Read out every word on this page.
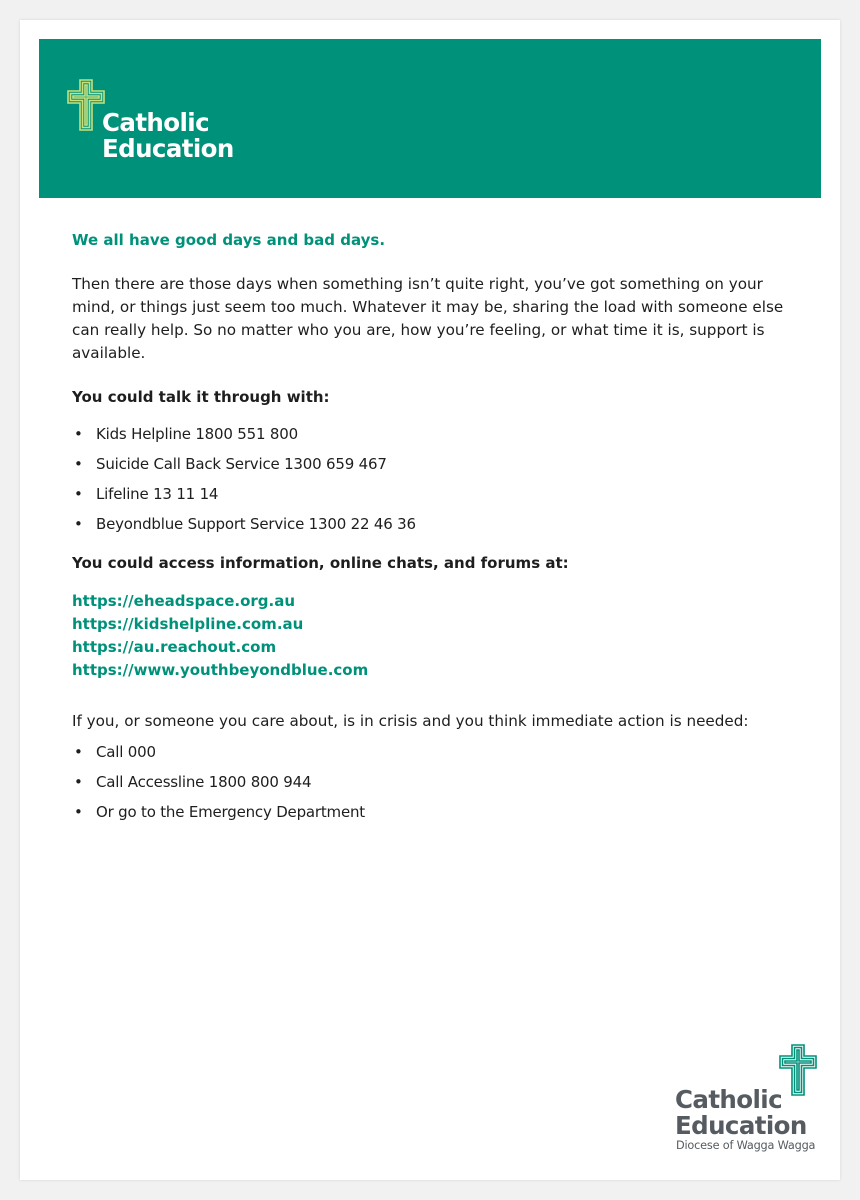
Catholic
Education
Diocese of Wagga Wagga

We all have good days and bad days.

Then there are those days when something isn’t quite right, you’ve got something on your mind, or things just seem too much. Whatever it may be, sharing the load with someone else can really help. So no matter who you are, how you’re feeling, or what time it is, support is available.

You could talk it through with:

• Kids Helpline 1800 551 800
• Suicide Call Back Service 1300 659 467
• Lifeline 13 11 14
• Beyondblue Support Service 1300 22 46 36

You could access information, online chats, and forums at:

https://eheadspace.org.au
https://kidshelpline.com.au
https://au.reachout.com
https://www.youthbeyondblue.com

If you, or someone you care about, is in crisis and you think immediate action is needed:

• Call 000
• Call Accessline 1800 800 944
• Or go to the Emergency Department
Catholic
Education
Diocese of Wagga Wagga
